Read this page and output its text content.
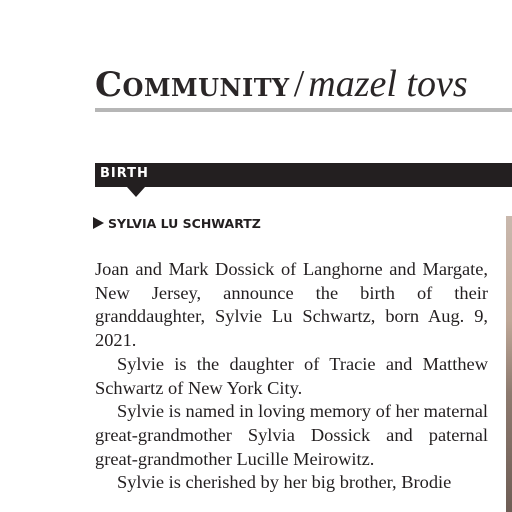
Community / mazel tovs
BIRTH
SYLVIA LU SCHWARTZ

Joan and Mark Dossick of Langhorne and Margate, New Jersey, announce the birth of their granddaughter, Sylvie Lu Schwartz, born Aug. 9, 2021.

Sylvie is the daughter of Tracie and Matthew Schwartz of New York City.

Sylvie is named in loving memory of her maternal great-grandmother Sylvia Dossick and paternal great-grandmother Lucille Meirowitz.

Sylvie is cherished by her big brother, Brodie
